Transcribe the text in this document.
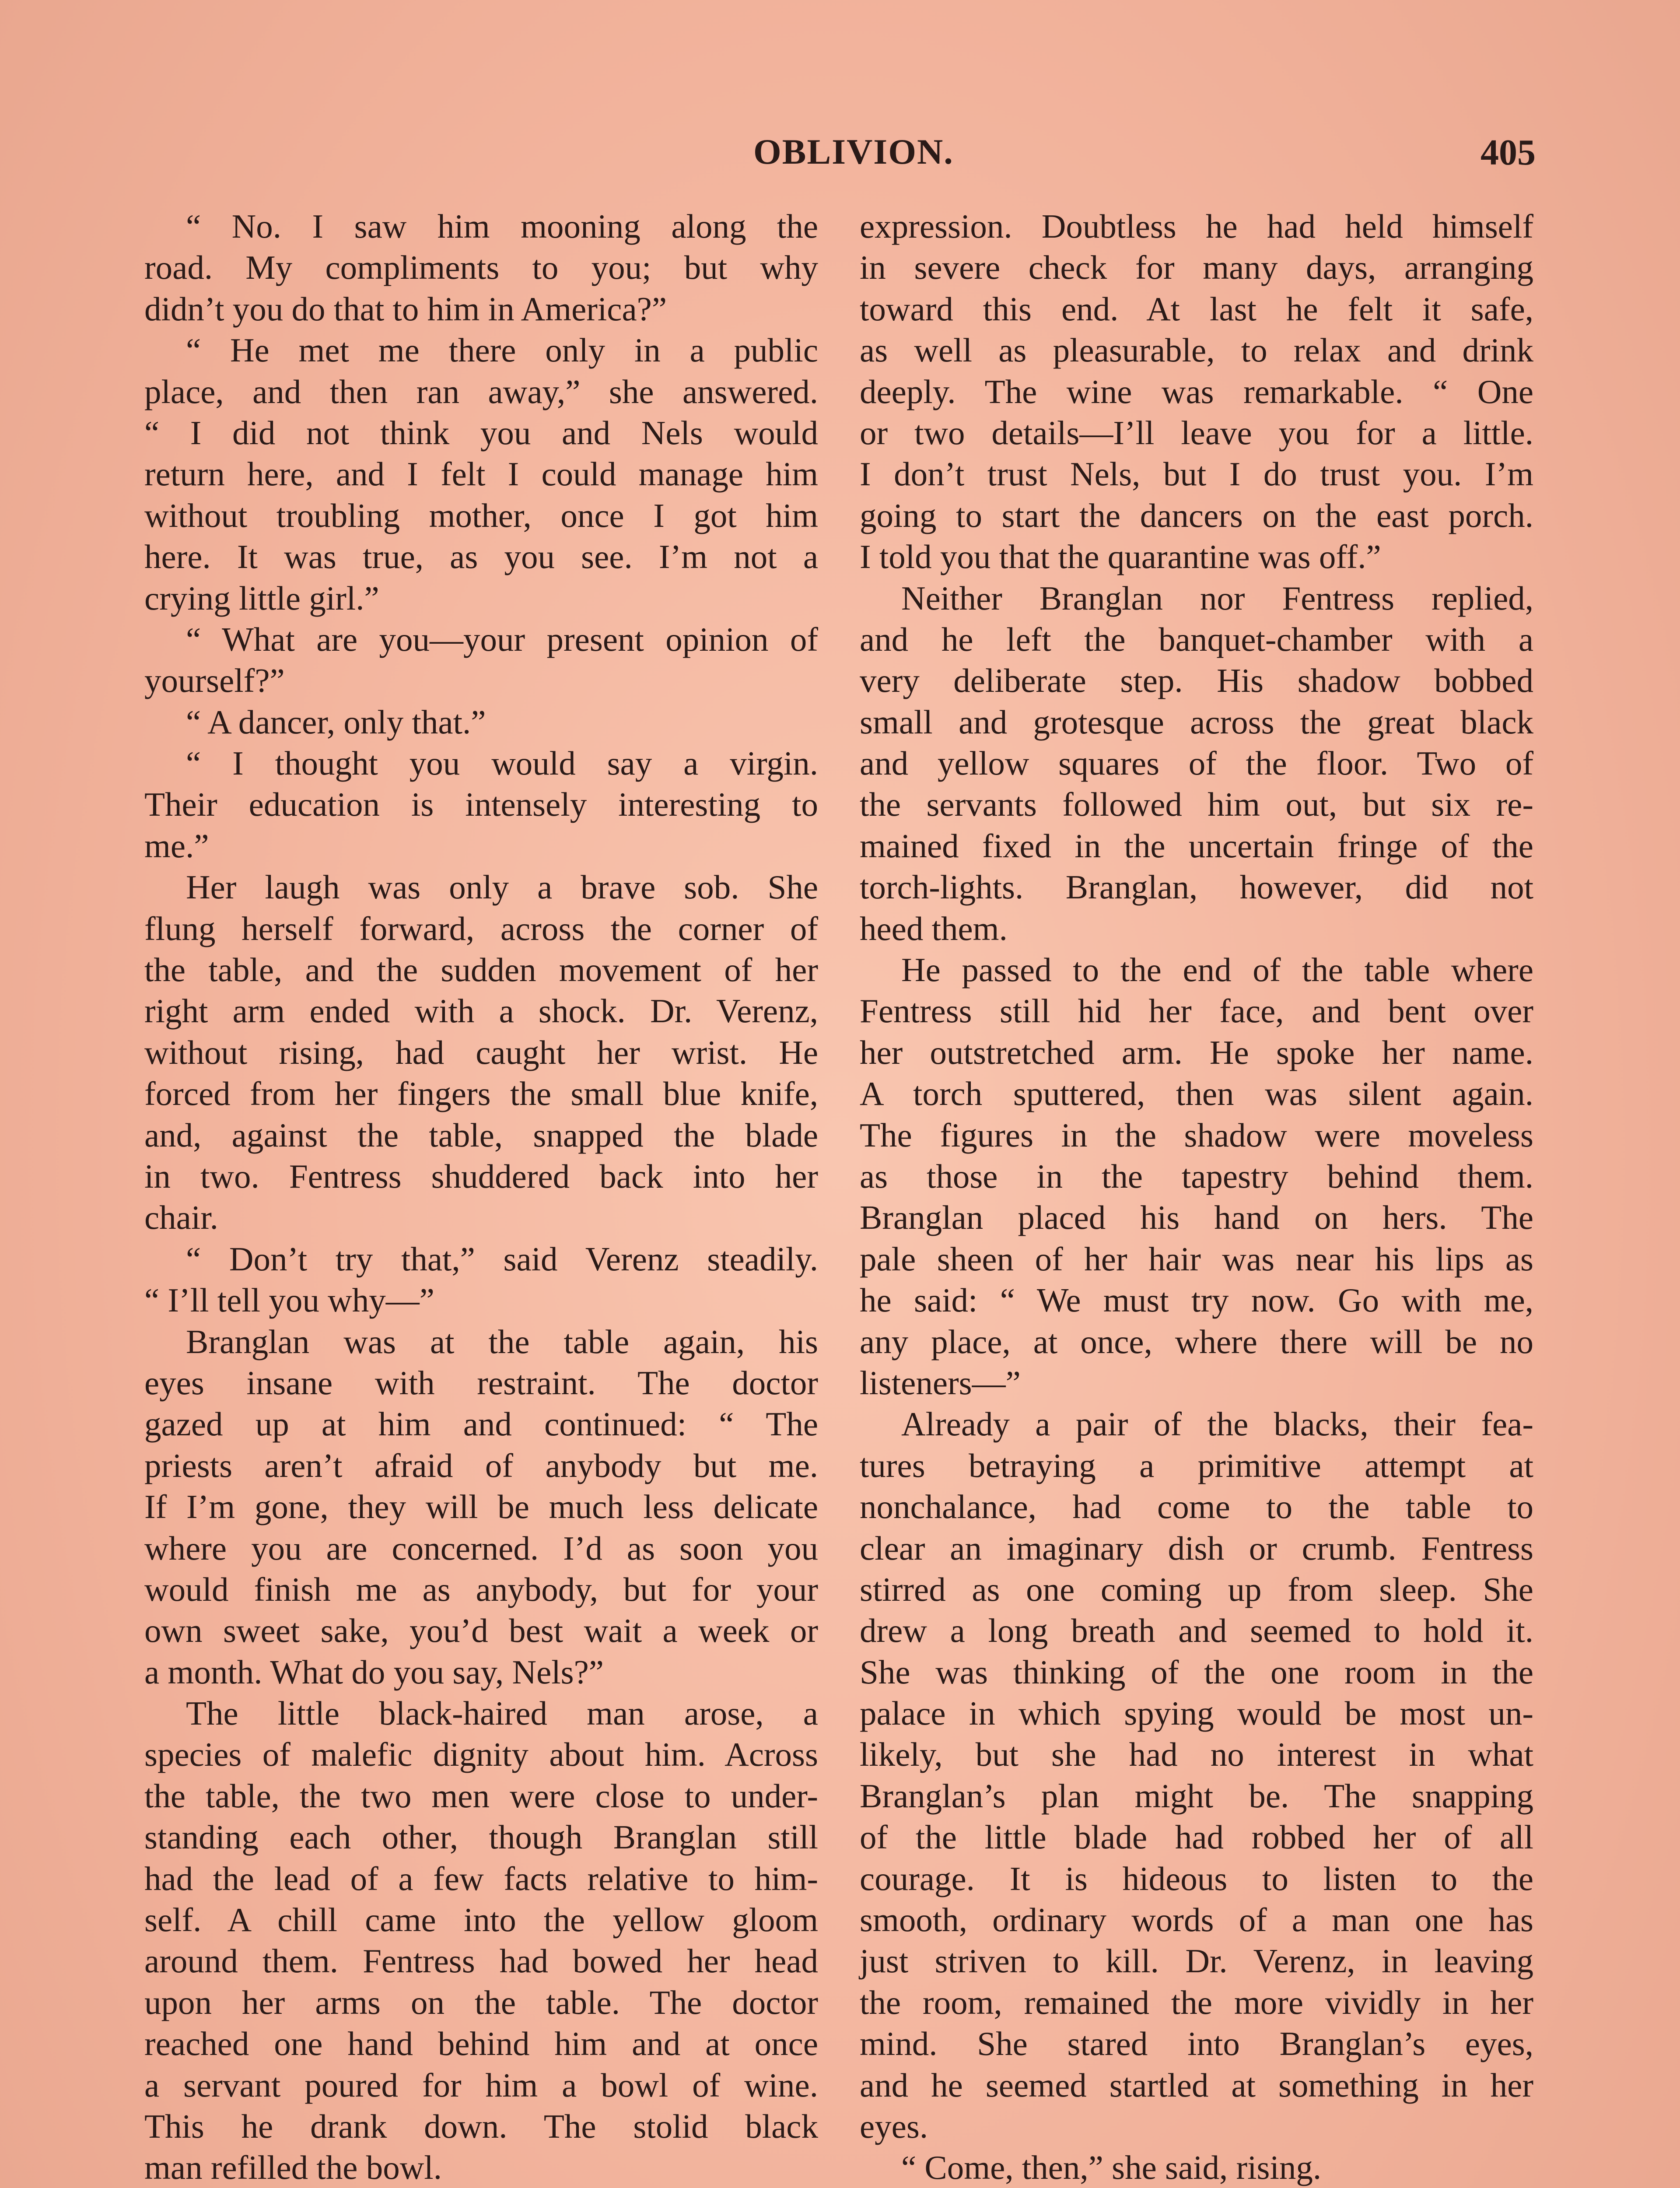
OBLIVION.	405
“ No. I saw him mooning along the
road. My compliments to you; but why
didn’t you do that to him in America?”
“ He met me there only in a public
place, and then ran away,” she answered.
“ I did not think you and Nels would
return here, and I felt I could manage him
without troubling mother, once I got him
here. It was true, as you see. I’m not a
crying little girl.”
“ What are you—your present opinion of
yourself?”
“ A dancer, only that.”
“ I thought you would say a virgin.
Their education is intensely interesting to
me.”
Her laugh was only a brave sob. She
flung herself forward, across the corner of
the table, and the sudden movement of her
right arm ended with a shock. Dr. Verenz,
without rising, had caught her wrist. He
forced from her fingers the small blue knife,
and, against the table, snapped the blade
in two. Fentress shuddered back into her
chair.
“ Don’t try that,” said Verenz steadily.
“ I’ll tell you why—”
Branglan was at the table again, his
eyes insane with restraint. The doctor
gazed up at him and continued: “ The
priests aren’t afraid of anybody but me.
If I’m gone, they will be much less delicate
where you are concerned. I’d as soon you
would finish me as anybody, but for your
own sweet sake, you’d best wait a week or
a month. What do you say, Nels?”
The little black-haired man arose, a
species of malefic dignity about him. Across
the table, the two men were close to under-
standing each other, though Branglan still
had the lead of a few facts relative to him-
self. A chill came into the yellow gloom
around them. Fentress had bowed her head
upon her arms on the table. The doctor
reached one hand behind him and at once
a servant poured for him a bowl of wine.
This he drank down. The stolid black
man refilled the bowl.
expression. Doubtless he had held himself
in severe check for many days, arranging
toward this end. At last he felt it safe,
as well as pleasurable, to relax and drink
deeply. The wine was remarkable. “ One
or two details—I’ll leave you for a little.
I don’t trust Nels, but I do trust you. I’m
going to start the dancers on the east porch.
I told you that the quarantine was off.”
Neither Branglan nor Fentress replied,
and he left the banquet-chamber with a
very deliberate step. His shadow bobbed
small and grotesque across the great black
and yellow squares of the floor. Two of
the servants followed him out, but six re-
mained fixed in the uncertain fringe of the
torch-lights. Branglan, however, did not
heed them.
He passed to the end of the table where
Fentress still hid her face, and bent over
her outstretched arm. He spoke her name.
A torch sputtered, then was silent again.
The figures in the shadow were moveless
as those in the tapestry behind them.
Branglan placed his hand on hers. The
pale sheen of her hair was near his lips as
he said: “ We must try now. Go with me,
any place, at once, where there will be no
listeners—”
Already a pair of the blacks, their fea-
tures betraying a primitive attempt at
nonchalance, had come to the table to
clear an imaginary dish or crumb. Fentress
stirred as one coming up from sleep. She
drew a long breath and seemed to hold it.
She was thinking of the one room in the
palace in which spying would be most un-
likely, but she had no interest in what
Branglan’s plan might be. The snapping
of the little blade had robbed her of all
courage. It is hideous to listen to the
smooth, ordinary words of a man one has
just striven to kill. Dr. Verenz, in leaving
the room, remained the more vividly in her
mind. She stared into Branglan’s eyes,
and he seemed startled at something in her
eyes.
“ Come, then,” she said, rising.
